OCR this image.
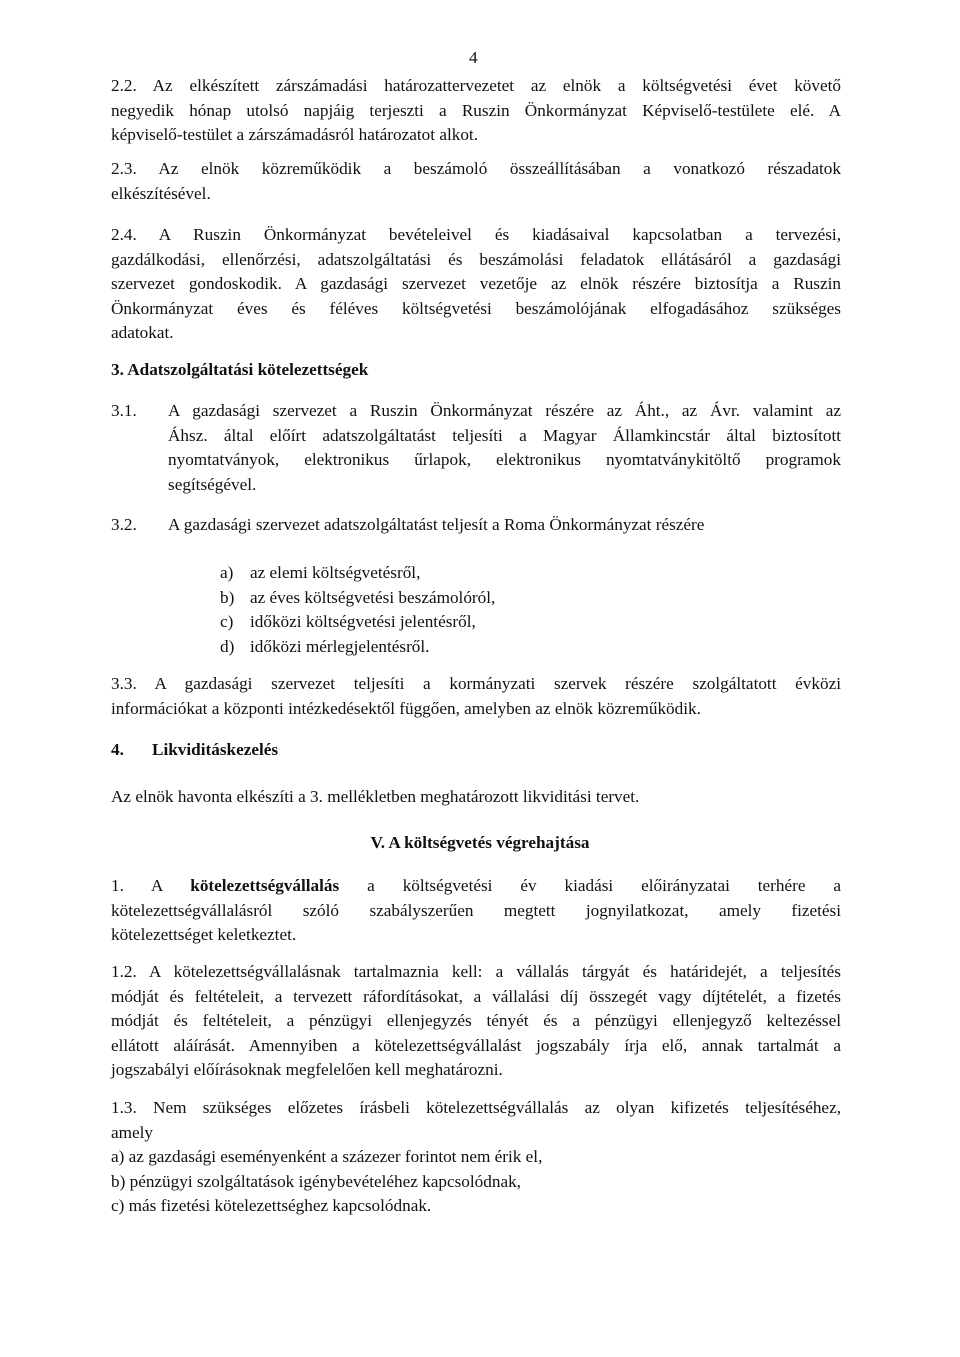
4
2.2. Az elkészített zárszámadási határozattervezetet az elnök a költségvetési évet követő
negyedik hónap utolsó napjáig terjeszti a Ruszin Önkormányzat Képviselő-testülete elé. A
képviselő-testület a zárszámadásról határozatot alkot.
2.3. Az elnök közreműködik a beszámoló összeállításában a vonatkozó részadatok
elkészítésével.
2.4. A Ruszin Önkormányzat bevételeivel és kiadásaival kapcsolatban a tervezési,
gazdálkodási, ellenőrzési, adatszolgáltatási és beszámolási feladatok ellátásáról a gazdasági
szervezet gondoskodik. A gazdasági szervezet vezetője az elnök részére biztosítja a Ruszin
Önkormányzat éves és féléves költségvetési beszámolójának elfogadásához szükséges
adatokat.
3. Adatszolgáltatási kötelezettségek
3.1. A gazdasági szervezet a Ruszin Önkormányzat részére az Áht., az Ávr. valamint az
Áhsz. által előírt adatszolgáltatást teljesíti a Magyar Államkincstár által biztosított
nyomtatványok, elektronikus űrlapok, elektronikus nyomtatványkitöltő programok
segítségével.
3.2. A gazdasági szervezet adatszolgáltatást teljesít a Roma Önkormányzat részére
a) az elemi költségvetésről,
b) az éves költségvetési beszámolóról,
c) időközi költségvetési jelentésről,
d) időközi mérlegjelentésről.
3.3. A gazdasági szervezet teljesíti a kormányzati szervek részére szolgáltatott évközi
információkat a központi intézkedésektől függően, amelyben az elnök közreműködik.
4. Likviditáskezelés
Az elnök havonta elkészíti a 3. mellékletben meghatározott likviditási tervet.
V. A költségvetés végrehajtása
1. A kötelezettségvállalás a költségvetési év kiadási előirányzatai terhére a
kötelezettségvállalásról szóló szabályszerűen megtett jognyilatkozat, amely fizetési
kötelezettséget keletkeztet.
1.2. A kötelezettségvállalásnak tartalmaznia kell: a vállalás tárgyát és határidejét, a teljesítés
módját és feltételeit, a tervezett ráfordításokat, a vállalási díj összegét vagy díjtételét, a fizetés
módját és feltételeit, a pénzügyi ellenjegyzés tényét és a pénzügyi ellenjegyző keltezéssel
ellátott aláírását. Amennyiben a kötelezettségvállalást jogszabály írja elő, annak tartalmát a
jogszabályi előírásoknak megfelelően kell meghatározni.
1.3. Nem szükséges előzetes írásbeli kötelezettségvállalás az olyan kifizetés teljesítéséhez,
amely
a) az gazdasági eseményenként a százezer forintot nem érik el,
b) pénzügyi szolgáltatások igénybevételéhez kapcsolódnak,
c) más fizetési kötelezettséghez kapcsolódnak.
